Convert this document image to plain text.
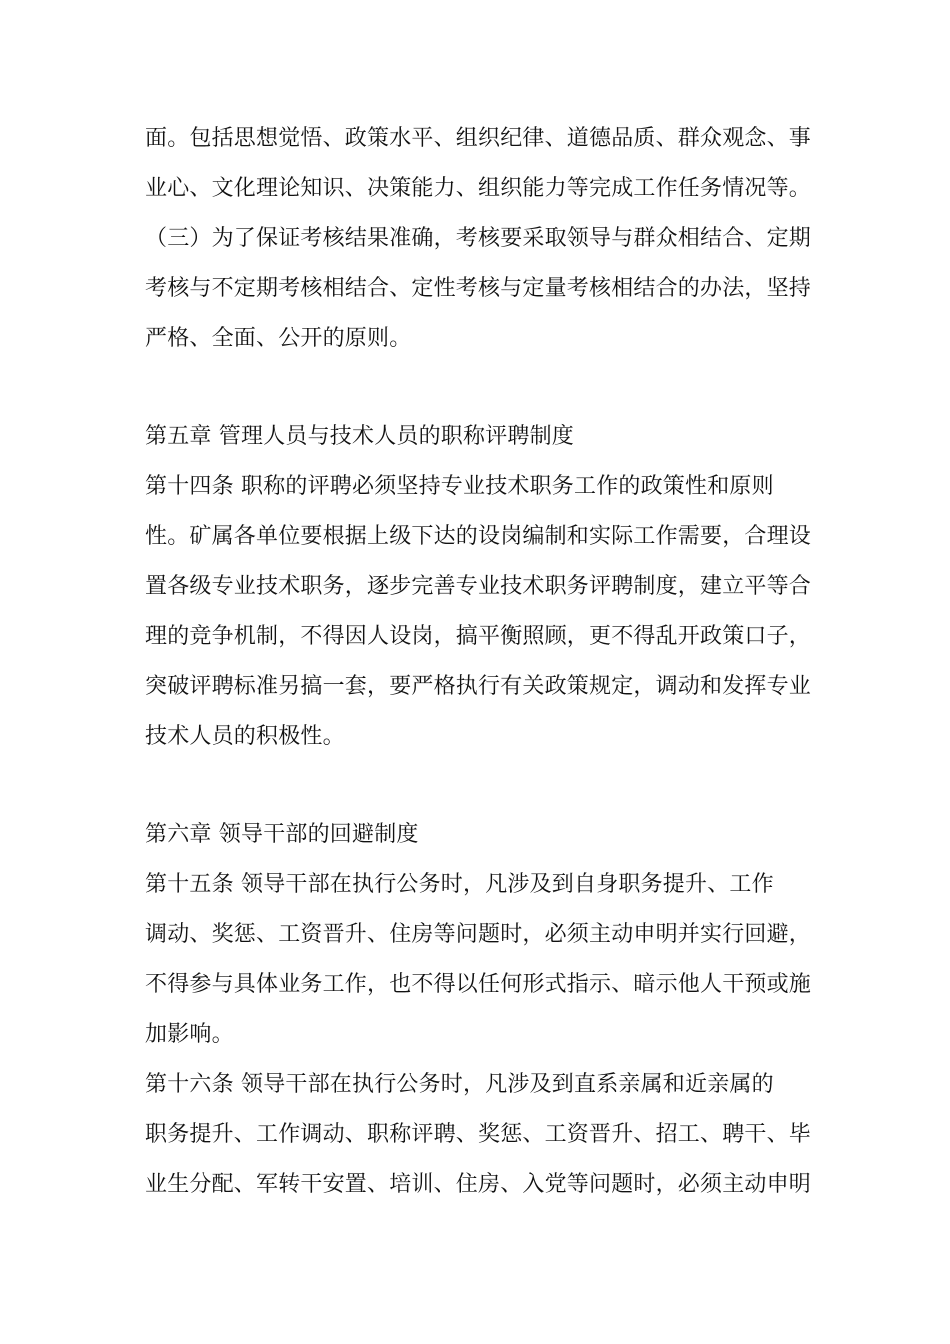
面。包括思想觉悟、政策水平、组织纪律、道德品质、群众观念、事
业心、文化理论知识、决策能力、组织能力等完成工作任务情况等。
（三）为了保证考核结果准确，考核要采取领导与群众相结合、定期
考核与不定期考核相结合、定性考核与定量考核相结合的办法，坚持
严格、全面、公开的原则。
第五章 管理人员与技术人员的职称评聘制度
第十四条 职称的评聘必须坚持专业技术职务工作的政策性和原则
性。矿属各单位要根据上级下达的设岗编制和实际工作需要，合理设
置各级专业技术职务，逐步完善专业技术职务评聘制度，建立平等合
理的竞争机制，不得因人设岗，搞平衡照顾，更不得乱开政策口子，
突破评聘标准另搞一套，要严格执行有关政策规定，调动和发挥专业
技术人员的积极性。
第六章 领导干部的回避制度
第十五条 领导干部在执行公务时，凡涉及到自身职务提升、工作
调动、奖惩、工资晋升、住房等问题时，必须主动申明并实行回避，
不得参与具体业务工作，也不得以任何形式指示、暗示他人干预或施
加影响。
第十六条 领导干部在执行公务时，凡涉及到直系亲属和近亲属的
职务提升、工作调动、职称评聘、奖惩、工资晋升、招工、聘干、毕
业生分配、军转干安置、培训、住房、入党等问题时，必须主动申明
